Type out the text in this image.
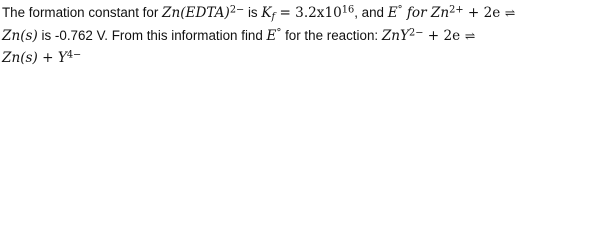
The formation constant for Zn(EDTA)$^{2-}$ is $K_f = 3.2x10^{16}$, and E° for $Zn^{2+} + 2e$ ⇌
Zn(s) is -0.762 V. From this information find E° for the reaction: ZnY$^{2-}$ + 2e ⇌
$Zn(s) + Y^{4-}$
